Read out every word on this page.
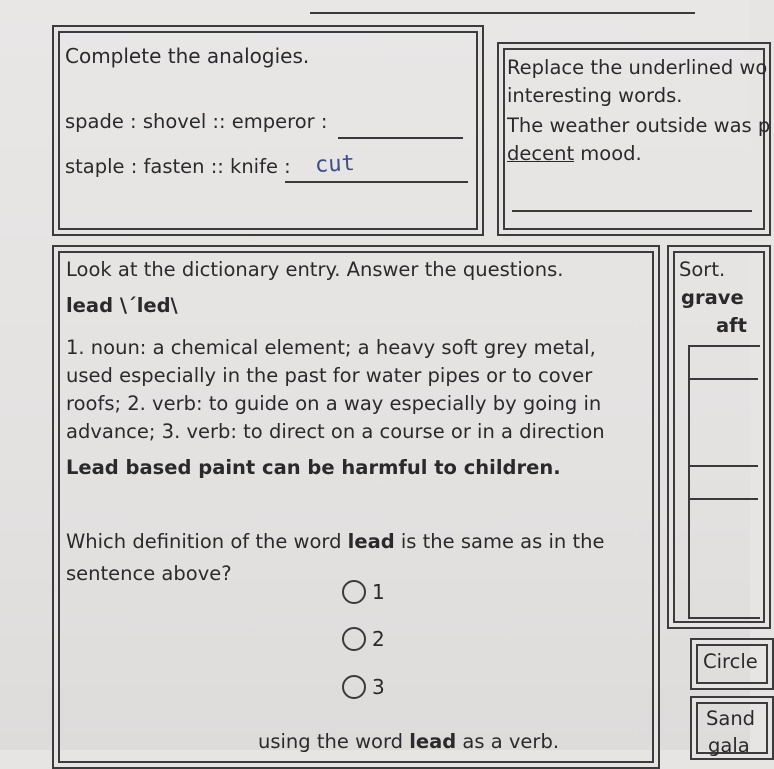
Complete the analogies.
spade : shovel :: emperor :
staple : fasten :: knife : cut
Replace the underlined wo
interesting words.
The weather outside was p
decent mood.
Look at the dictionary entry. Answer the questions.
lead \´led\
1. noun: a chemical element; a heavy soft grey metal,
used especially in the past for water pipes or to cover
roofs; 2. verb: to guide on a way especially by going in
advance; 3. verb: to direct on a course or in a direction
Lead based paint can be harmful to children.
Which definition of the word lead is the same as in the
sentence above?
1
2
3
using the word lead as a verb.
Sort.
grave
aft
Circle
Sand
gala
